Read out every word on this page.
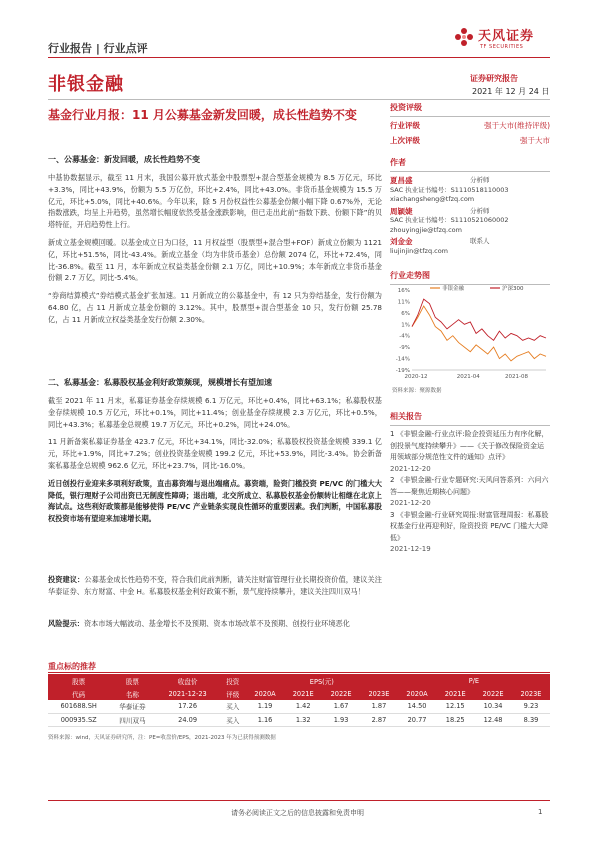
行业报告 | 行业点评
天风证券
TF SECURITIES
非银金融	证券研究报告
2021 年 12 月 24 日
基金行业月报：11 月公募基金新发回暖，成长性趋势不变
一、公募基金：新发回暖，成长性趋势不变
中基协数据显示，截至 11 月末，我国公募开放式基金中股票型+混合型基金规模为 8.5 万亿元，环比+3.3%，同比+43.9%，份额为 5.5 万亿份，环比+2.4%，同比+43.0%。非货币基金规模为 15.5 万亿元，环比+5.0%，同比+40.6%。今年以来，除 5 月份权益性公募基金份额小幅下降 0.67%外，无论指数涨跌，均呈上升趋势，虽然增长幅度依然受基金涨跌影响，但已走出此前“指数下跌、份额下降”的贝塔特征，开启趋势性上行。
新成立基金规模回暖。以基金成立日为口径，11 月权益型（股票型+混合型+FOF）新成立份额为 1121 亿，环比+51.5%，同比-43.4%。新成立基金（均为非货币基金）总份额 2074 亿，环比+72.4%，同比-36.8%。截至 11 月，本年新成立权益类基金份额 2.1 万亿，同比+10.9%；本年新成立非货币基金份额 2.7 万亿，同比-5.4%。
“券商结算模式”券结模式基金扩张加速。11 月新成立的公募基金中，有 12 只为券结基金，发行份额为 64.80 亿，占 11 月新成立基金份额的 3.12%。其中，股票型+混合型基金 10 只，发行份额 25.78 亿，占 11 月新成立权益类基金发行份额 2.30%。
二、私募基金：私募股权基金利好政策频现，规模增长有望加速
截至 2021 年 11 月末，私募证券基金存续规模 6.1 万亿元，环比+0.4%，同比+63.1%；私募股权基金存续规模 10.5 万亿元，环比+0.1%，同比+11.4%；创业基金存续规模 2.3 万亿元，环比+0.5%，同比+43.3%；私募基金总规模 19.7 万亿元，环比+0.2%，同比+24.0%。
11 月新备案私募证券基金 423.7 亿元，环比+34.1%，同比-32.0%；私募股权投资基金规模 339.1 亿元，环比+1.9%，同比+7.2%；创业投资基金规模 199.2 亿元，环比+53.9%，同比-3.4%。协会新备案私募基金总规模 962.6 亿元，环比+23.7%，同比-16.0%。
近日创投行业迎来多项利好政策，直击募资端与退出端痛点。募资端，险资门槛投资 PE/VC 的门槛大大降低，银行理财子公司出资已无制度性障碍；退出端，北交所成立、私募股权基金份额转让相继在北京上海试点。这些利好政策都是能够使得 PE/VC 产业链条实现良性循环的重要因素。我们判断，中国私募股权投资市场有望迎来加速增长期。
投资建议：公募基金成长性趋势不变，符合我们此前判断，请关注财富管理行业长期投资价值，建议关注华泰证券、东方财富、中金 H。私募股权基金利好政策不断，景气度持续攀升，建议关注四川双马！
风险提示：资本市场大幅波动、基金增长不及预期、资本市场改革不及预期、创投行业环境恶化
投资评级
行业评级	强于大市(维持评级)
上次评级	强于大市
作者
夏昌盛	分析师
SAC 执业证书编号：S1110518110003
xiachangsheng@tfzq.com
周颖婕	分析师
SAC 执业证书编号：S1110521060002
zhouyingjie@tfzq.com
刘金金	联系人
liujinjin@tfzq.com
行业走势图
16%
11%
6%
1%
-4%
-9%
-14%
-19%
2020-12	2021-04	2021-08
非银金融	沪深300
资料来源：聚源数据
相关报告
1 《非银金融-行业点评:险企投资延压力有序化解，创投景气度持续攀升》——《关于修改保险资金运用领域部分规范性文件的通知》点评》
2021-12-20
2 《非银金融-行业专题研究:天风问答系列：六问六答——聚焦近期核心问题》
2021-12-20
3 《非银金融-行业研究周报:财富管理周报：私募股权基金行业再迎利好，险资投资 PE/VC 门槛大大降低》
2021-12-19
重点标的推荐
股票	股票	收盘价	投资	EPS(元)				P/E			
代码	名称	2021-12-23	评级	2020A	2021E	2022E	2023E	2020A	2021E	2022E	2023E
601688.SH	华泰证券	17.26	买入	1.19	1.42	1.67	1.87	14.50	12.15	10.34	9.23
000935.SZ	四川双马	24.09	买入	1.16	1.32	1.93	2.87	20.77	18.25	12.48	8.39
资料来源：wind，天风证券研究所，注：PE=收盘价/EPS，2021-2023 年为已获得预测数据
请务必阅读正文之后的信息披露和免责申明	1
